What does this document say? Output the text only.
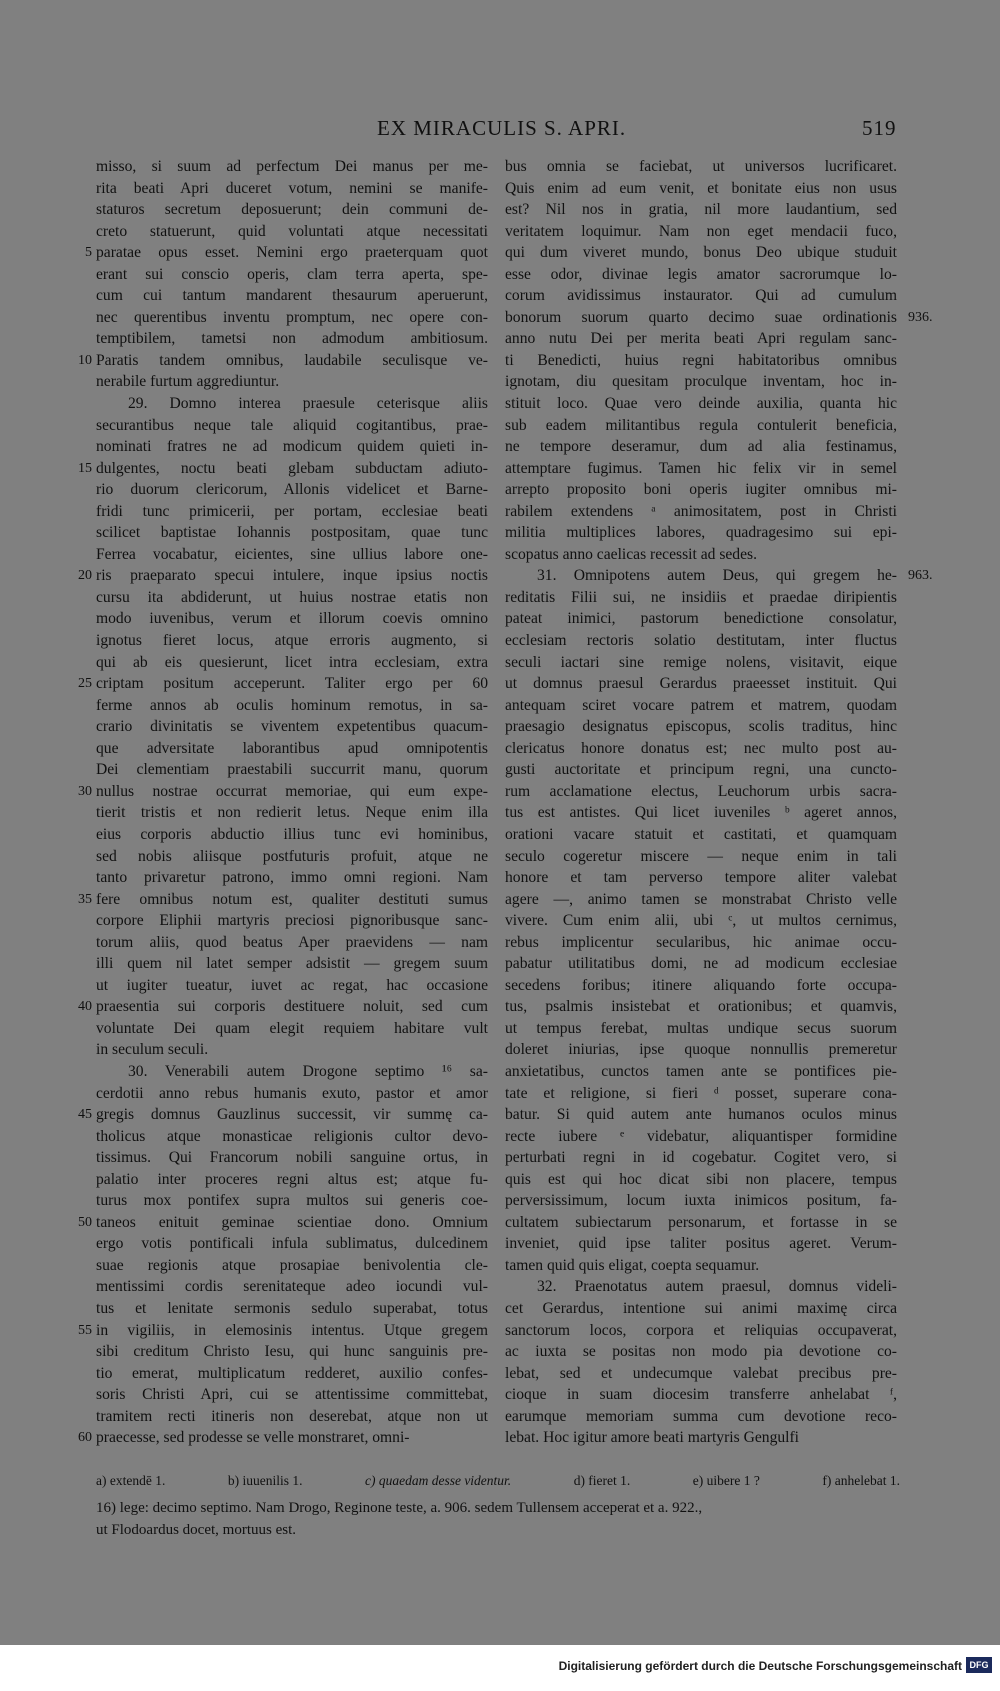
EX MIRACULIS S. APRI.	519
misso, si suum ad perfectum Dei manus per me-
rita beati Apri duceret votum, nemini se manife-
staturos secretum deposuerunt; dein communi de-
creto statuerunt, quid voluntati atque necessitati
paratae opus esset. Nemini ergo praeterquam quot
erant sui conscio operis, clam terra aperta, spe-
cum cui tantum mandarent thesaurum aperuerunt,
nec querentibus inventu promptum, nec opere con-
temptibilem, tametsi non admodum ambitiosum.
Paratis tandem omnibus, laudabile seculisque ve-
nerabile furtum aggrediuntur.
29. Domno interea praesule ceterisque aliis
securantibus neque tale aliquid cogitantibus, prae-
nominati fratres ne ad modicum quidem quieti in-
dulgentes, noctu beati glebam subductam adiuto-
rio duorum clericorum, Allonis videlicet et Barne-
fridi tunc primicerii, per portam, ecclesiae beati
scilicet baptistae Iohannis postpositam, quae tunc
Ferrea vocabatur, eicientes, sine ullius labore one-
ris praeparato specui intulere, inque ipsius noctis
cursu ita abdiderunt, ut huius nostrae etatis non
modo iuvenibus, verum et illorum coevis omnino
ignotus fieret locus, atque erroris augmento, si
qui ab eis quesierunt, licet intra ecclesiam, extra
criptam positum acceperunt. Taliter ergo per 60
ferme annos ab oculis hominum remotus, in sa-
crario divinitatis se viventem expetentibus quacum-
que adversitate laborantibus apud omnipotentis
Dei clementiam praestabili succurrit manu, quorum
nullus nostrae occurrat memoriae, qui eum expe-
tierit tristis et non redierit letus. Neque enim illa
eius corporis abductio illius tunc evi hominibus,
sed nobis aliisque postfuturis profuit, atque ne
tanto privaretur patrono, immo omni regioni. Nam
fere omnibus notum est, qualiter destituti sumus
corpore Eliphii martyris preciosi pignoribusque sanc-
torum aliis, quod beatus Aper praevidens — nam
illi quem nil latet semper adsistit — gregem suum
ut iugiter tueatur, iuvet ac regat, hac occasione
praesentia sui corporis destituere noluit, sed cum
voluntate Dei quam elegit requiem habitare vult
in seculum seculi.
30. Venerabili autem Drogone septimo ¹⁶ sa-
cerdotii anno rebus humanis exuto, pastor et amor
gregis domnus Gauzlinus successit, vir summę ca-
tholicus atque monasticae religionis cultor devo-
tissimus. Qui Francorum nobili sanguine ortus, in
palatio inter proceres regni altus est; atque fu-
turus mox pontifex supra multos sui generis coe-
taneos enituit geminae scientiae dono. Omnium
ergo votis pontificali infula sublimatus, dulcedinem
suae regionis atque prosapiae benivolentia cle-
mentissimi cordis serenitateque adeo iocundi vul-
tus et lenitate sermonis sedulo superabat, totus
in vigiliis, in elemosinis intentus. Utque gregem
sibi creditum Christo Iesu, qui hunc sanguinis pre-
tio emerat, multiplicatum redderet, auxilio confes-
soris Christi Apri, cui se attentissime committebat,
tramitem recti itineris non deserebat, atque non ut
praecesse, sed prodesse se velle monstraret, omni-
bus omnia se faciebat, ut universos lucrificaret.
Quis enim ad eum venit, et bonitate eius non usus
est? Nil nos in gratia, nil more laudantium, sed
veritatem loquimur. Nam non eget mendacii fuco,
qui dum viveret mundo, bonus Deo ubique studuit
esse odor, divinae legis amator sacrorumque lo-
corum avidissimus instaurator. Qui ad cumulum
bonorum suorum quarto decimo suae ordinationis
anno nutu Dei per merita beati Apri regulam sanc-
ti Benedicti, huius regni habitatoribus omnibus
ignotam, diu quesitam proculque inventam, hoc in-
stituit loco. Quae vero deinde auxilia, quanta hic
sub eadem militantibus regula contulerit beneficia,
ne tempore deseramur, dum ad alia festinamus,
attemptare fugimus. Tamen hic felix vir in semel
arrepto proposito boni operis iugiter omnibus mi-
rabilem extendens ᵃ animositatem, post in Christi
militia multiplices labores, quadragesimo sui epi-
scopatus anno caelicas recessit ad sedes.
31. Omnipotens autem Deus, qui gregem he-
reditatis Filii sui, ne insidiis et praedae diripientis
pateat inimici, pastorum benedictione consolatur,
ecclesiam rectoris solatio destitutam, inter fluctus
seculi iactari sine remige nolens, visitavit, eique
ut domnus praesul Gerardus praeesset instituit. Qui
antequam sciret vocare patrem et matrem, quodam
praesagio designatus episcopus, scolis traditus, hinc
clericatus honore donatus est; nec multo post au-
gusti auctoritate et principum regni, una cuncto-
rum acclamatione electus, Leuchorum urbis sacra-
tus est antistes. Qui licet iuveniles ᵇ ageret annos,
orationi vacare statuit et castitati, et quamquam
seculo cogeretur miscere — neque enim in tali
honore et tam perverso tempore aliter valebat
agere —, animo tamen se monstrabat Christo velle
vivere. Cum enim alii, ubi ᶜ, ut multos cernimus,
rebus implicentur secularibus, hic animae occu-
pabatur utilitatibus domi, ne ad modicum ecclesiae
secedens foribus; itinere aliquando forte occupa-
tus, psalmis insistebat et orationibus; et quamvis,
ut tempus ferebat, multas undique secus suorum
doleret iniurias, ipse quoque nonnullis premeretur
anxietatibus, cunctos tamen ante se pontifices pie-
tate et religione, si fieri ᵈ posset, superare cona-
batur. Si quid autem ante humanos oculos minus
recte iubere ᵉ videbatur, aliquantisper formidine
perturbati regni in id cogebatur. Cogitet vero, si
quis est qui hoc dicat sibi non placere, tempus
perversissimum, locum iuxta inimicos positum, fa-
cultatem subiectarum personarum, et fortasse in se
inveniet, quid ipse taliter positus ageret. Verum-
tamen quid quis eligat, coepta sequamur.
32. Praenotatus autem praesul, domnus videli-
cet Gerardus, intentione sui animi maximę circa
sanctorum locos, corpora et reliquias occupaverat,
ac iuxta se positas non modo pia devotione co-
lebat, sed et undecumque valebat precibus pre-
cioque in suam diocesim transferre anhelabat ᶠ,
earumque memoriam summa cum devotione reco-
lebat. Hoc igitur amore beati martyris Gengulfi
5
10
15
20
25
30
35
40
45
50
55
60
936.
963.
a) extendē 1.	b) iuuenilis 1.	c) quaedam desse videntur.	d) fieret 1.	e) uibere 1 ?	f) anhelebat 1.
16) lege: decimo septimo. Nam Drogo, Reginone teste, a. 906. sedem Tullensem acceperat et a. 922.,
ut Flodoardus docet, mortuus est.
Digitalisierung gefördert durch die Deutsche Forschungsgemeinschaft DFG
